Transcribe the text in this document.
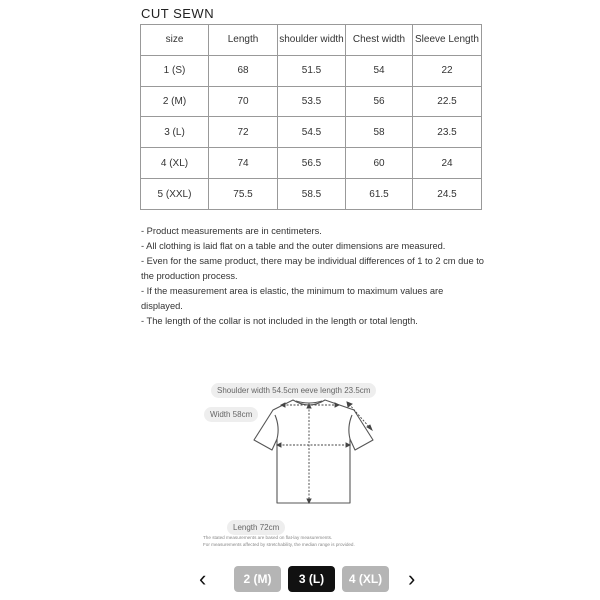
CUT SEWN
size	Length	shoulder width	Chest width	Sleeve Length
1 (S)	68	51.5	54	22
2 (M)	70	53.5	56	22.5
3 (L)	72	54.5	58	23.5
4 (XL)	74	56.5	60	24
5 (XXL)	75.5	58.5	61.5	24.5
- Product measurements are in centimeters.
- All clothing is laid flat on a table and the outer dimensions are measured.
- Even for the same product, there may be individual differences of 1 to 2 cm due to the production process.
- If the measurement area is elastic, the minimum to maximum values are displayed.
- The length of the collar is not included in the length or total length.
Shoulder width 54.5cm eeve length 23.5cm
Width 58cm
Length 72cm
The stated measurements are based on flat-lay measurements.
For measurements affected by stretchability, the median range is provided.
‹	2 (M)	3 (L)	4 (XL)	›
